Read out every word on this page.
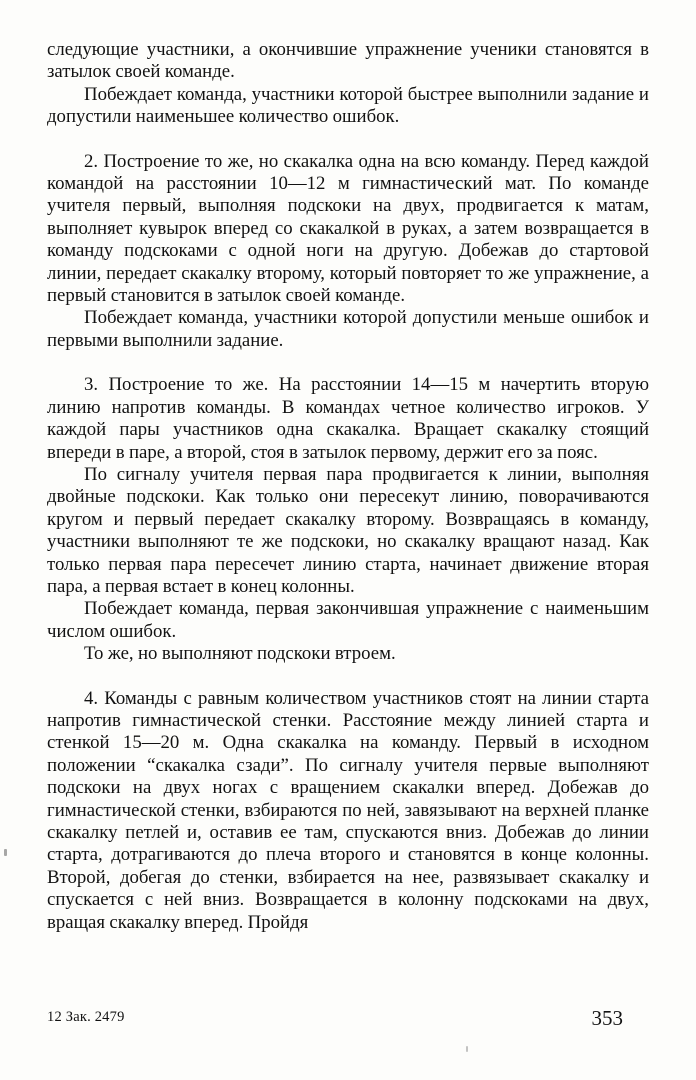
следующие участники, а окончившие упражнение ученики становятся в затылок своей команде.

Побеждает команда, участники которой быстрее выполнили задание и допустили наименьшее количество ошибок.

2. Построение то же, но скакалка одна на всю команду. Перед каждой командой на расстоянии 10—12 м гимнастический мат. По команде учителя первый, выполняя подскоки на двух, продвигается к матам, выполняет кувырок вперед со скакалкой в руках, а затем возвращается в команду подскоками с одной ноги на другую. Добежав до стартовой линии, передает скакалку второму, который повторяет то же упражнение, а первый становится в затылок своей команде.

Побеждает команда, участники которой допустили меньше ошибок и первыми выполнили задание.

3. Построение то же. На расстоянии 14—15 м начертить вторую линию напротив команды. В командах четное количество игроков. У каждой пары участников одна скакалка. Вращает скакалку стоящий впереди в паре, а второй, стоя в затылок первому, держит его за пояс.

По сигналу учителя первая пара продвигается к линии, выполняя двойные подскоки. Как только они пересекут линию, поворачиваются кругом и первый передает скакалку второму. Возвращаясь в команду, участники выполняют те же подскоки, но скакалку вращают назад. Как только первая пара пересечет линию старта, начинает движение вторая пара, а первая встает в конец колонны.

Побеждает команда, первая закончившая упражнение с наименьшим числом ошибок.

То же, но выполняют подскоки втроем.

4. Команды с равным количеством участников стоят на линии старта напротив гимнастической стенки. Расстояние между линией старта и стенкой 15—20 м. Одна скакалка на команду. Первый в исходном положении “скакалка сзади”. По сигналу учителя первые выполняют подскоки на двух ногах с вращением скакалки вперед. Добежав до гимнастической стенки, взбираются по ней, завязывают на верхней планке скакалку петлей и, оставив ее там, спускаются вниз. Добежав до линии старта, дотрагиваются до плеча второго и становятся в конце колонны. Второй, добегая до стенки, взбирается на нее, развязывает скакалку и спускается с ней вниз. Возвращается в колонну подскоками на двух, вращая скакалку вперед. Пройдя

12 Зак. 2479	353
